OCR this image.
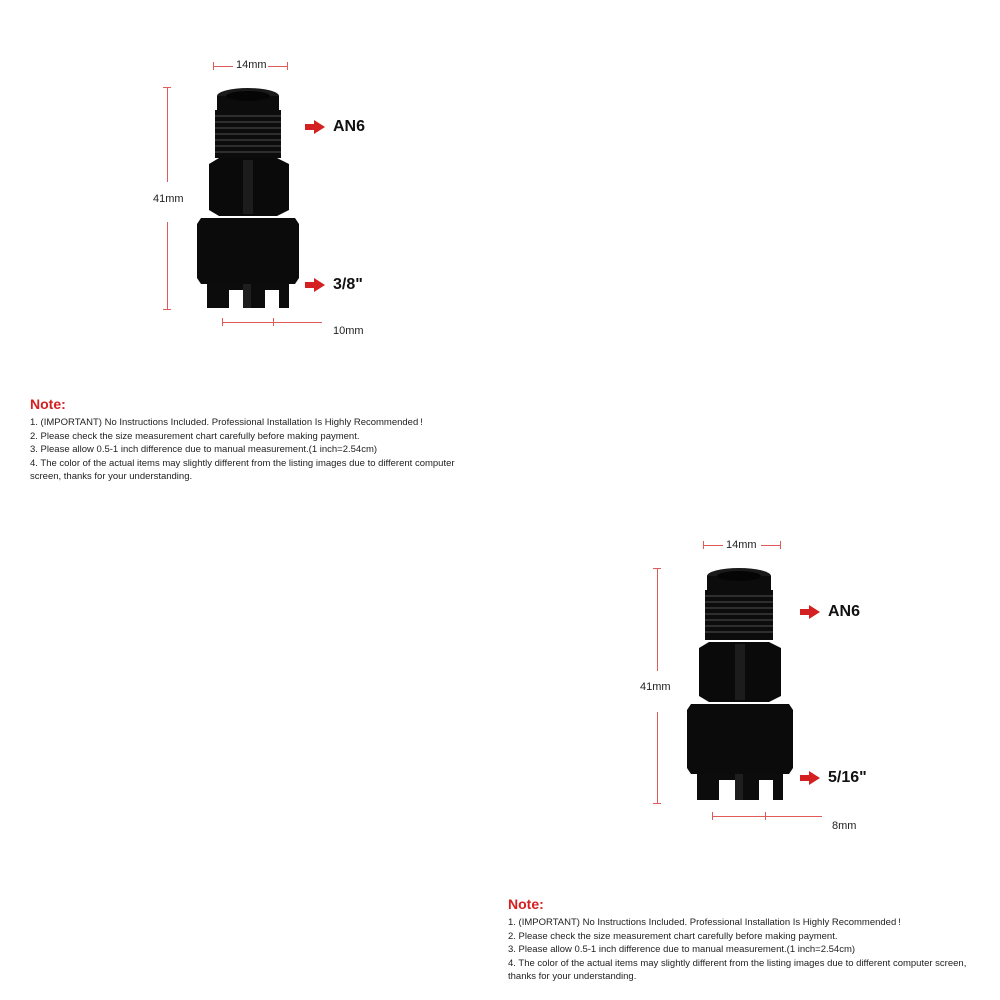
14mm
41mm
AN6
3/8"
10mm
Note:
1. (IMPORTANT) No Instructions Included. Professional Installation Is Highly Recommended !
2. Please check the size measurement chart carefully before making payment.
3. Please allow 0.5-1 inch difference due to manual measurement.(1 inch=2.54cm)
4. The color of the actual items may slightly different from the listing images due to different computer screen, thanks for your understanding.
14mm
41mm
AN6
5/16"
8mm
Note:
1. (IMPORTANT) No Instructions Included. Professional Installation Is Highly Recommended !
2. Please check the size measurement chart carefully before making payment.
3. Please allow 0.5-1 inch difference due to manual measurement.(1 inch=2.54cm)
4. The color of the actual items may slightly different from the listing images due to different computer screen, thanks for your understanding.
